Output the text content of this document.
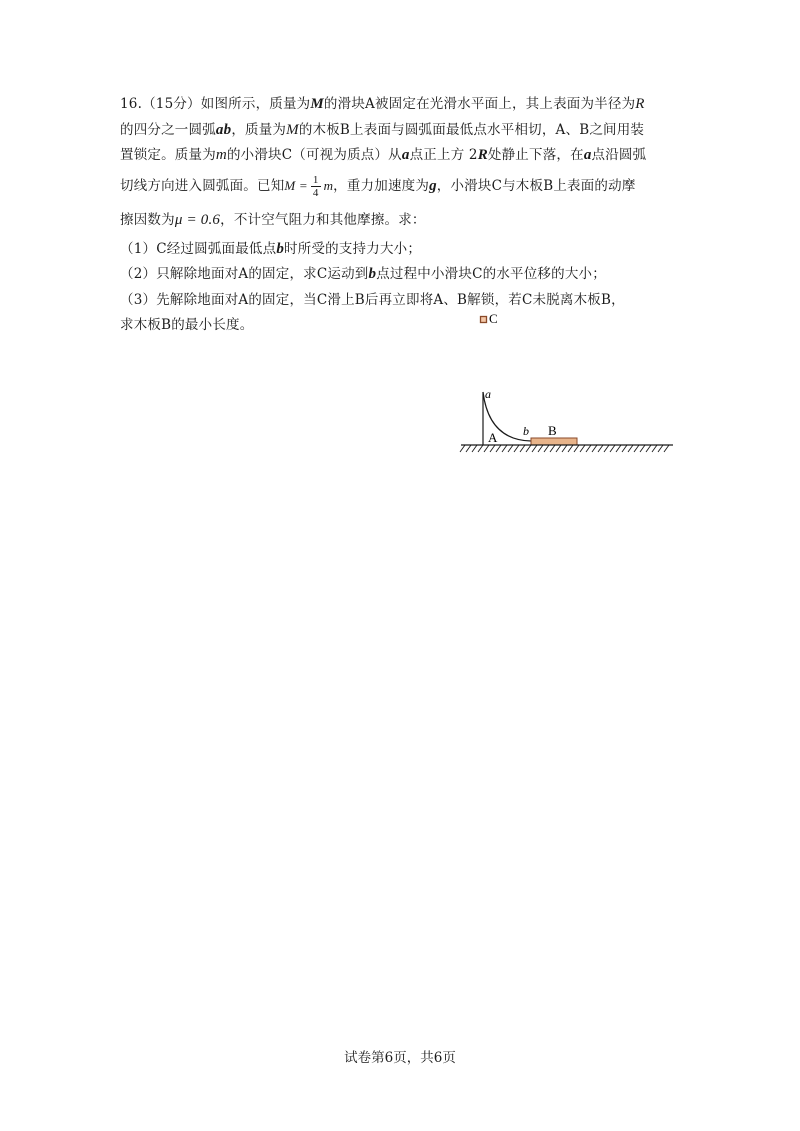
16.（15分）如图所示，质量为M的滑块A被固定在光滑水平面上，其上表面为半径为R
的四分之一圆弧ab，质量为M的木板B上表面与圆弧面最低点水平相切，A、B之间用装
置锁定。质量为m的小滑块C（可视为质点）从a点正上方 2R处静止下落，在a点沿圆弧
切线方向进入圆弧面。已知$M = \frac{1}{4}$ m，重力加速度为g，小滑块C与木板B上表面的动摩
擦因数为μ = 0.6，不计空气阻力和其他摩擦。求：
（1）C经过圆弧面最低点b时所受的支持力大小；
（2）只解除地面对A的固定，求C运动到b点过程中小滑块C的水平位移的大小；
（3）先解除地面对A的固定，当C滑上B后再立即将A、B解锁，若C未脱离木板B，
求木板B的最小长度。	C
a
A b B
试卷第6页，共6页
